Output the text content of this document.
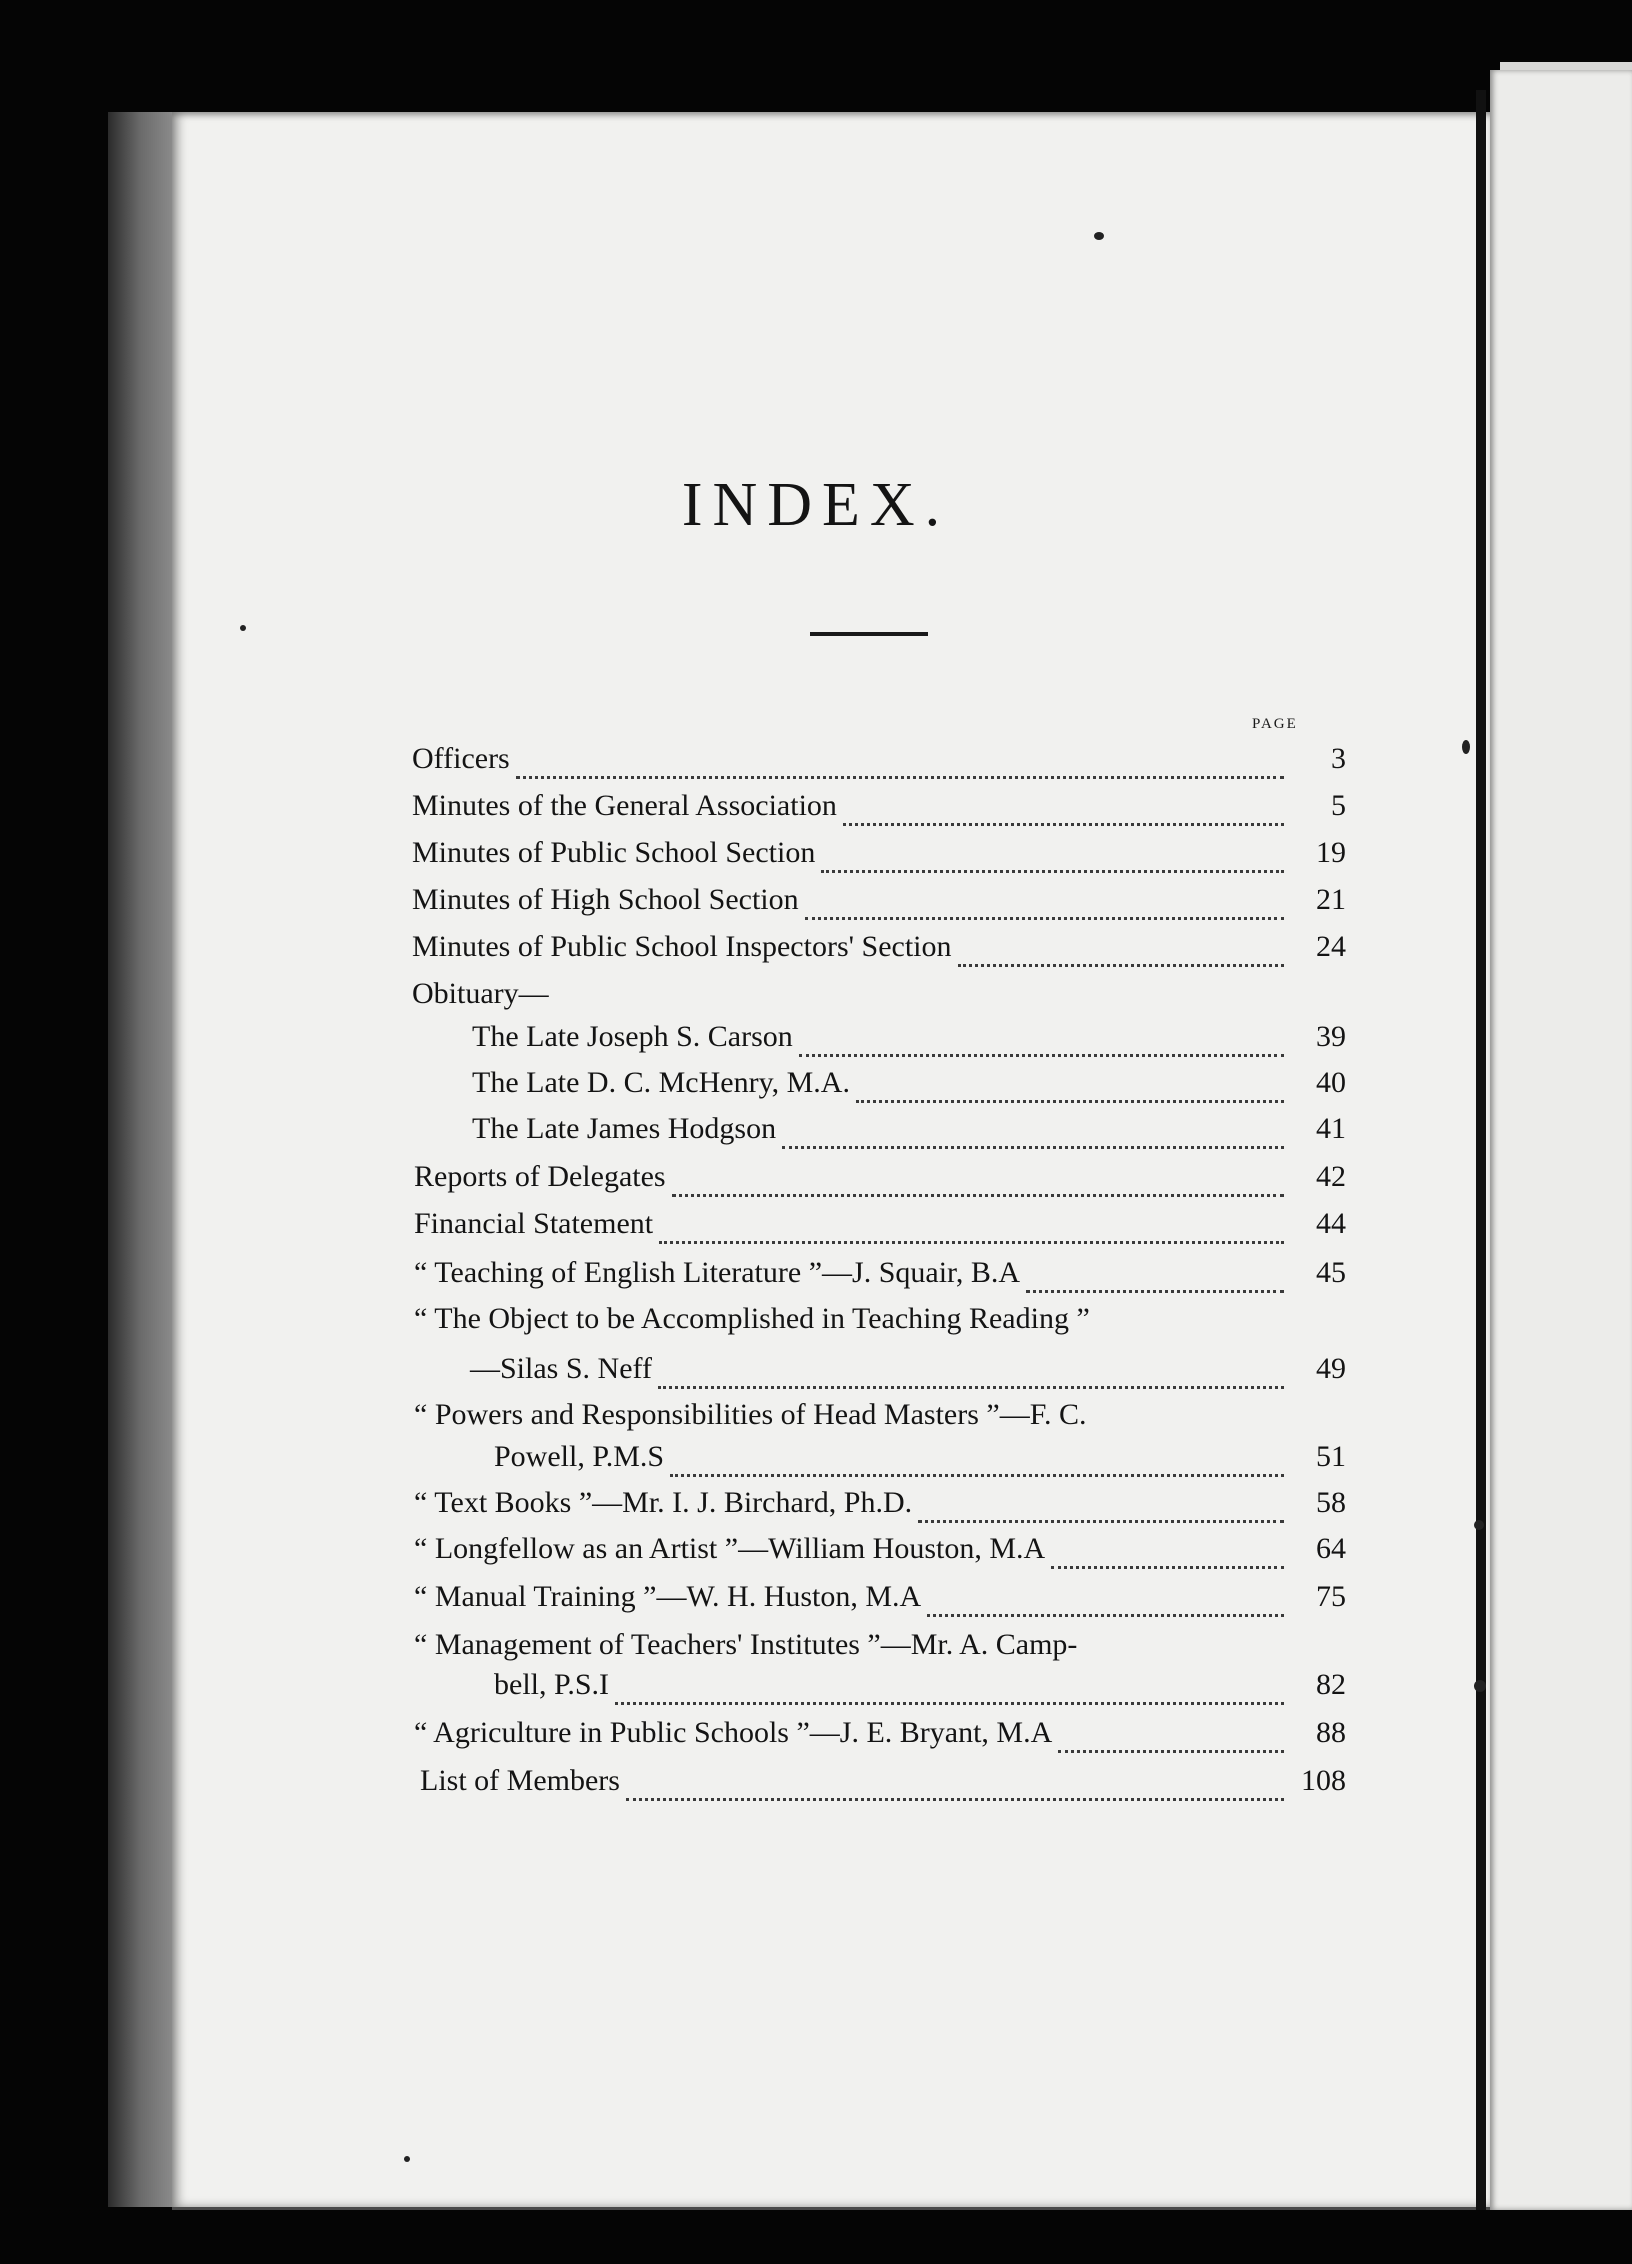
INDEX.
PAGE
Officers	3
Minutes of the General Association	5
Minutes of Public School Section	19
Minutes of High School Section	21
Minutes of Public School Inspectors' Section	24
Obituary—
The Late Joseph S. Carson	39
The Late D. C. McHenry, M.A.	40
The Late James Hodgson	41
Reports of Delegates	42
Financial Statement	44
“ Teaching of English Literature ”—J. Squair, B.A	45
“ The Object to be Accomplished in Teaching Reading ”
—Silas S. Neff	49
“ Powers and Responsibilities of Head Masters ”—F. C.
Powell, P.M.S	51
“ Text Books ”—Mr. I. J. Birchard, Ph.D.	58
“ Longfellow as an Artist ”—William Houston, M.A	64
“ Manual Training ”—W. H. Huston, M.A	75
“ Management of Teachers' Institutes ”—Mr. A. Camp-
bell, P.S.I	82
“ Agriculture in Public Schools ”—J. E. Bryant, M.A	88
List of Members	108
